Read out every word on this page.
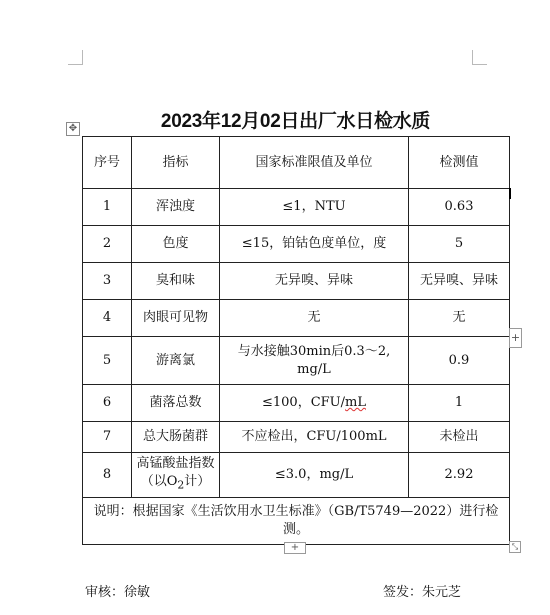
2023年12月02日出厂水日检水质
✥
序号	指标	国家标准限值及单位	检测值
1	浑浊度	≤1，NTU	0.63
2	色度	≤15，铂钴色度单位，度	5
3	臭和味	无异嗅、异味	无异嗅、异味
4	肉眼可见物	无	无
5	游离氯	与水接触30min后0.3～2,
mg/L	0.9
6	菌落总数	≤100，CFU/mL	1
7	总大肠菌群	不应检出，CFU/100mL	未检出
8	高锰酸盐指数
（以$O_2$计）	≤3.0，mg/L	2.92
说明：根据国家《生活饮用水卫生标准》（GB/T5749—2022）进行检测。			
+
+	⤡
审核：徐敏	签发：朱元芝
